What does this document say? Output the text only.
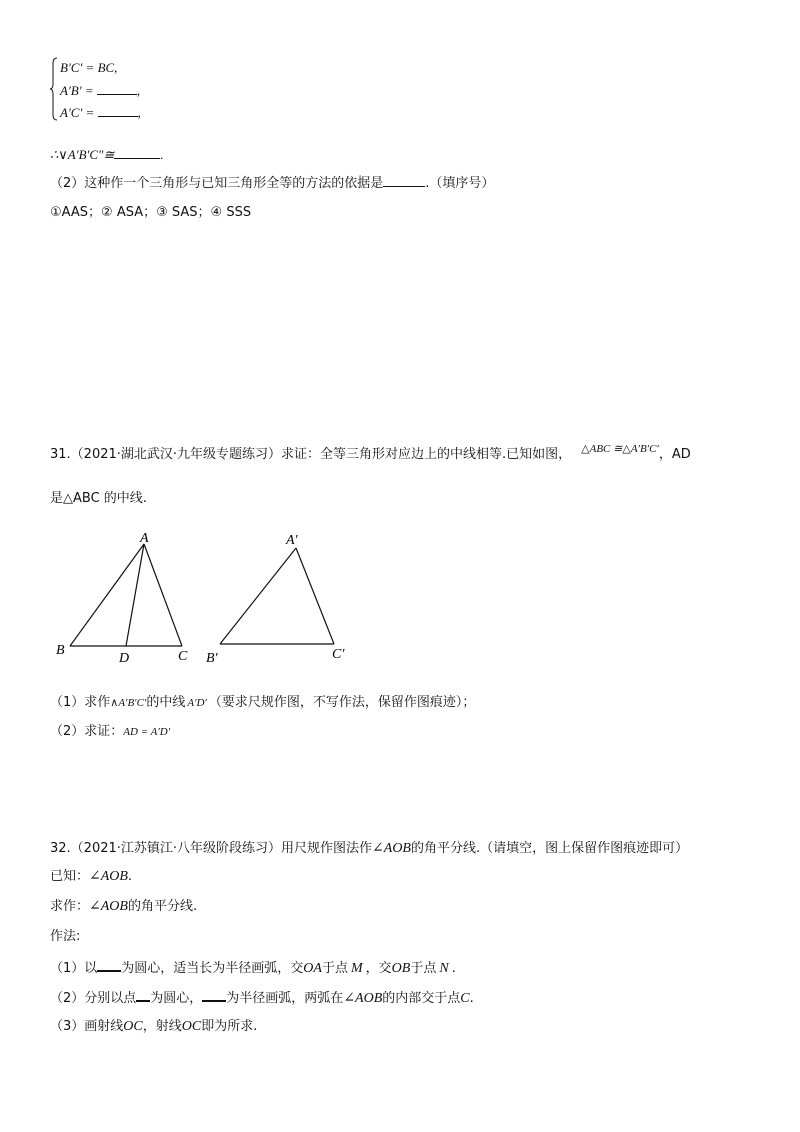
B′C′ = BC,
A′B′ =	,
A′C′ =	,
∴∨A′B′C″≅	.
（2）这种作一个三角形与已知三角形全等的方法的依据是	.（填序号）
①AAS；② ASA；③ SAS；④ SSS
31.（2021·湖北武汉·九年级专题练习）求证：全等三角形对应边上的中线相等.已知如图， $^{\triangle ABC ≅\triangle A'B'C'}$，AD
是△ABC 的中线.
A
B	C
D
A′
B′	C′
（1）求作∧A′B′C′的中线 A′D′ （要求尺规作图，不写作法，保留作图痕迹）；
（2）求证：AD = A′D′
32.（2021·江苏镇江·八年级阶段练习）用尺规作图法作∠AOB的角平分线.（请填空，图上保留作图痕迹即可）
已知：∠AOB.
求作：∠AOB的角平分线.
作法:
（1）以 为圆心，适当长为半径画弧，交OA于点 M ，交OB于点 N .
（2）分别以点 为圆心， 为半径画弧，两弧在∠AOB的内部交于点C.
（3）画射线OC，射线OC即为所求.
